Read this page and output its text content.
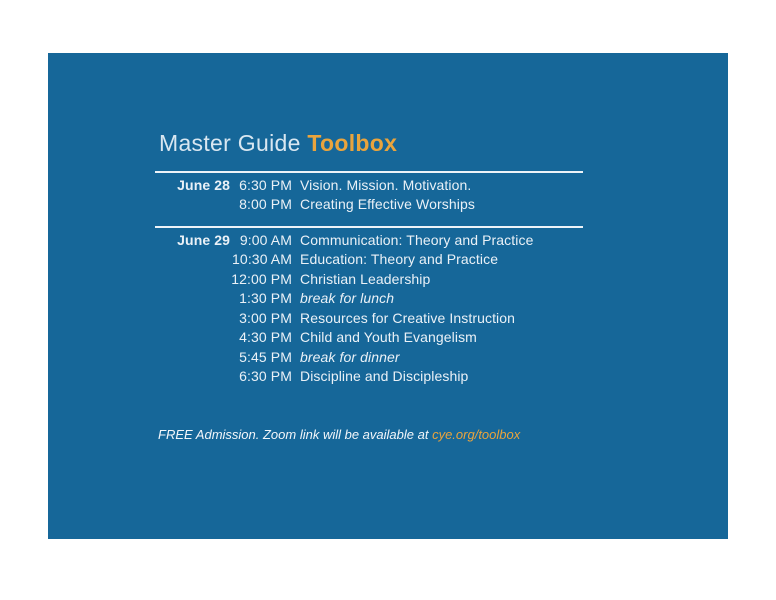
Master Guide Toolbox
June 28 6:30 PM Vision. Mission. Motivation.
8:00 PM Creating Effective Worships
June 29 9:00 AM Communication: Theory and Practice
10:30 AM Education: Theory and Practice
12:00 PM Christian Leadership
1:30 PM break for lunch
3:00 PM Resources for Creative Instruction
4:30 PM Child and Youth Evangelism
5:45 PM break for dinner
6:30 PM Discipline and Discipleship

FREE Admission. Zoom link will be available at cye.org/toolbox
